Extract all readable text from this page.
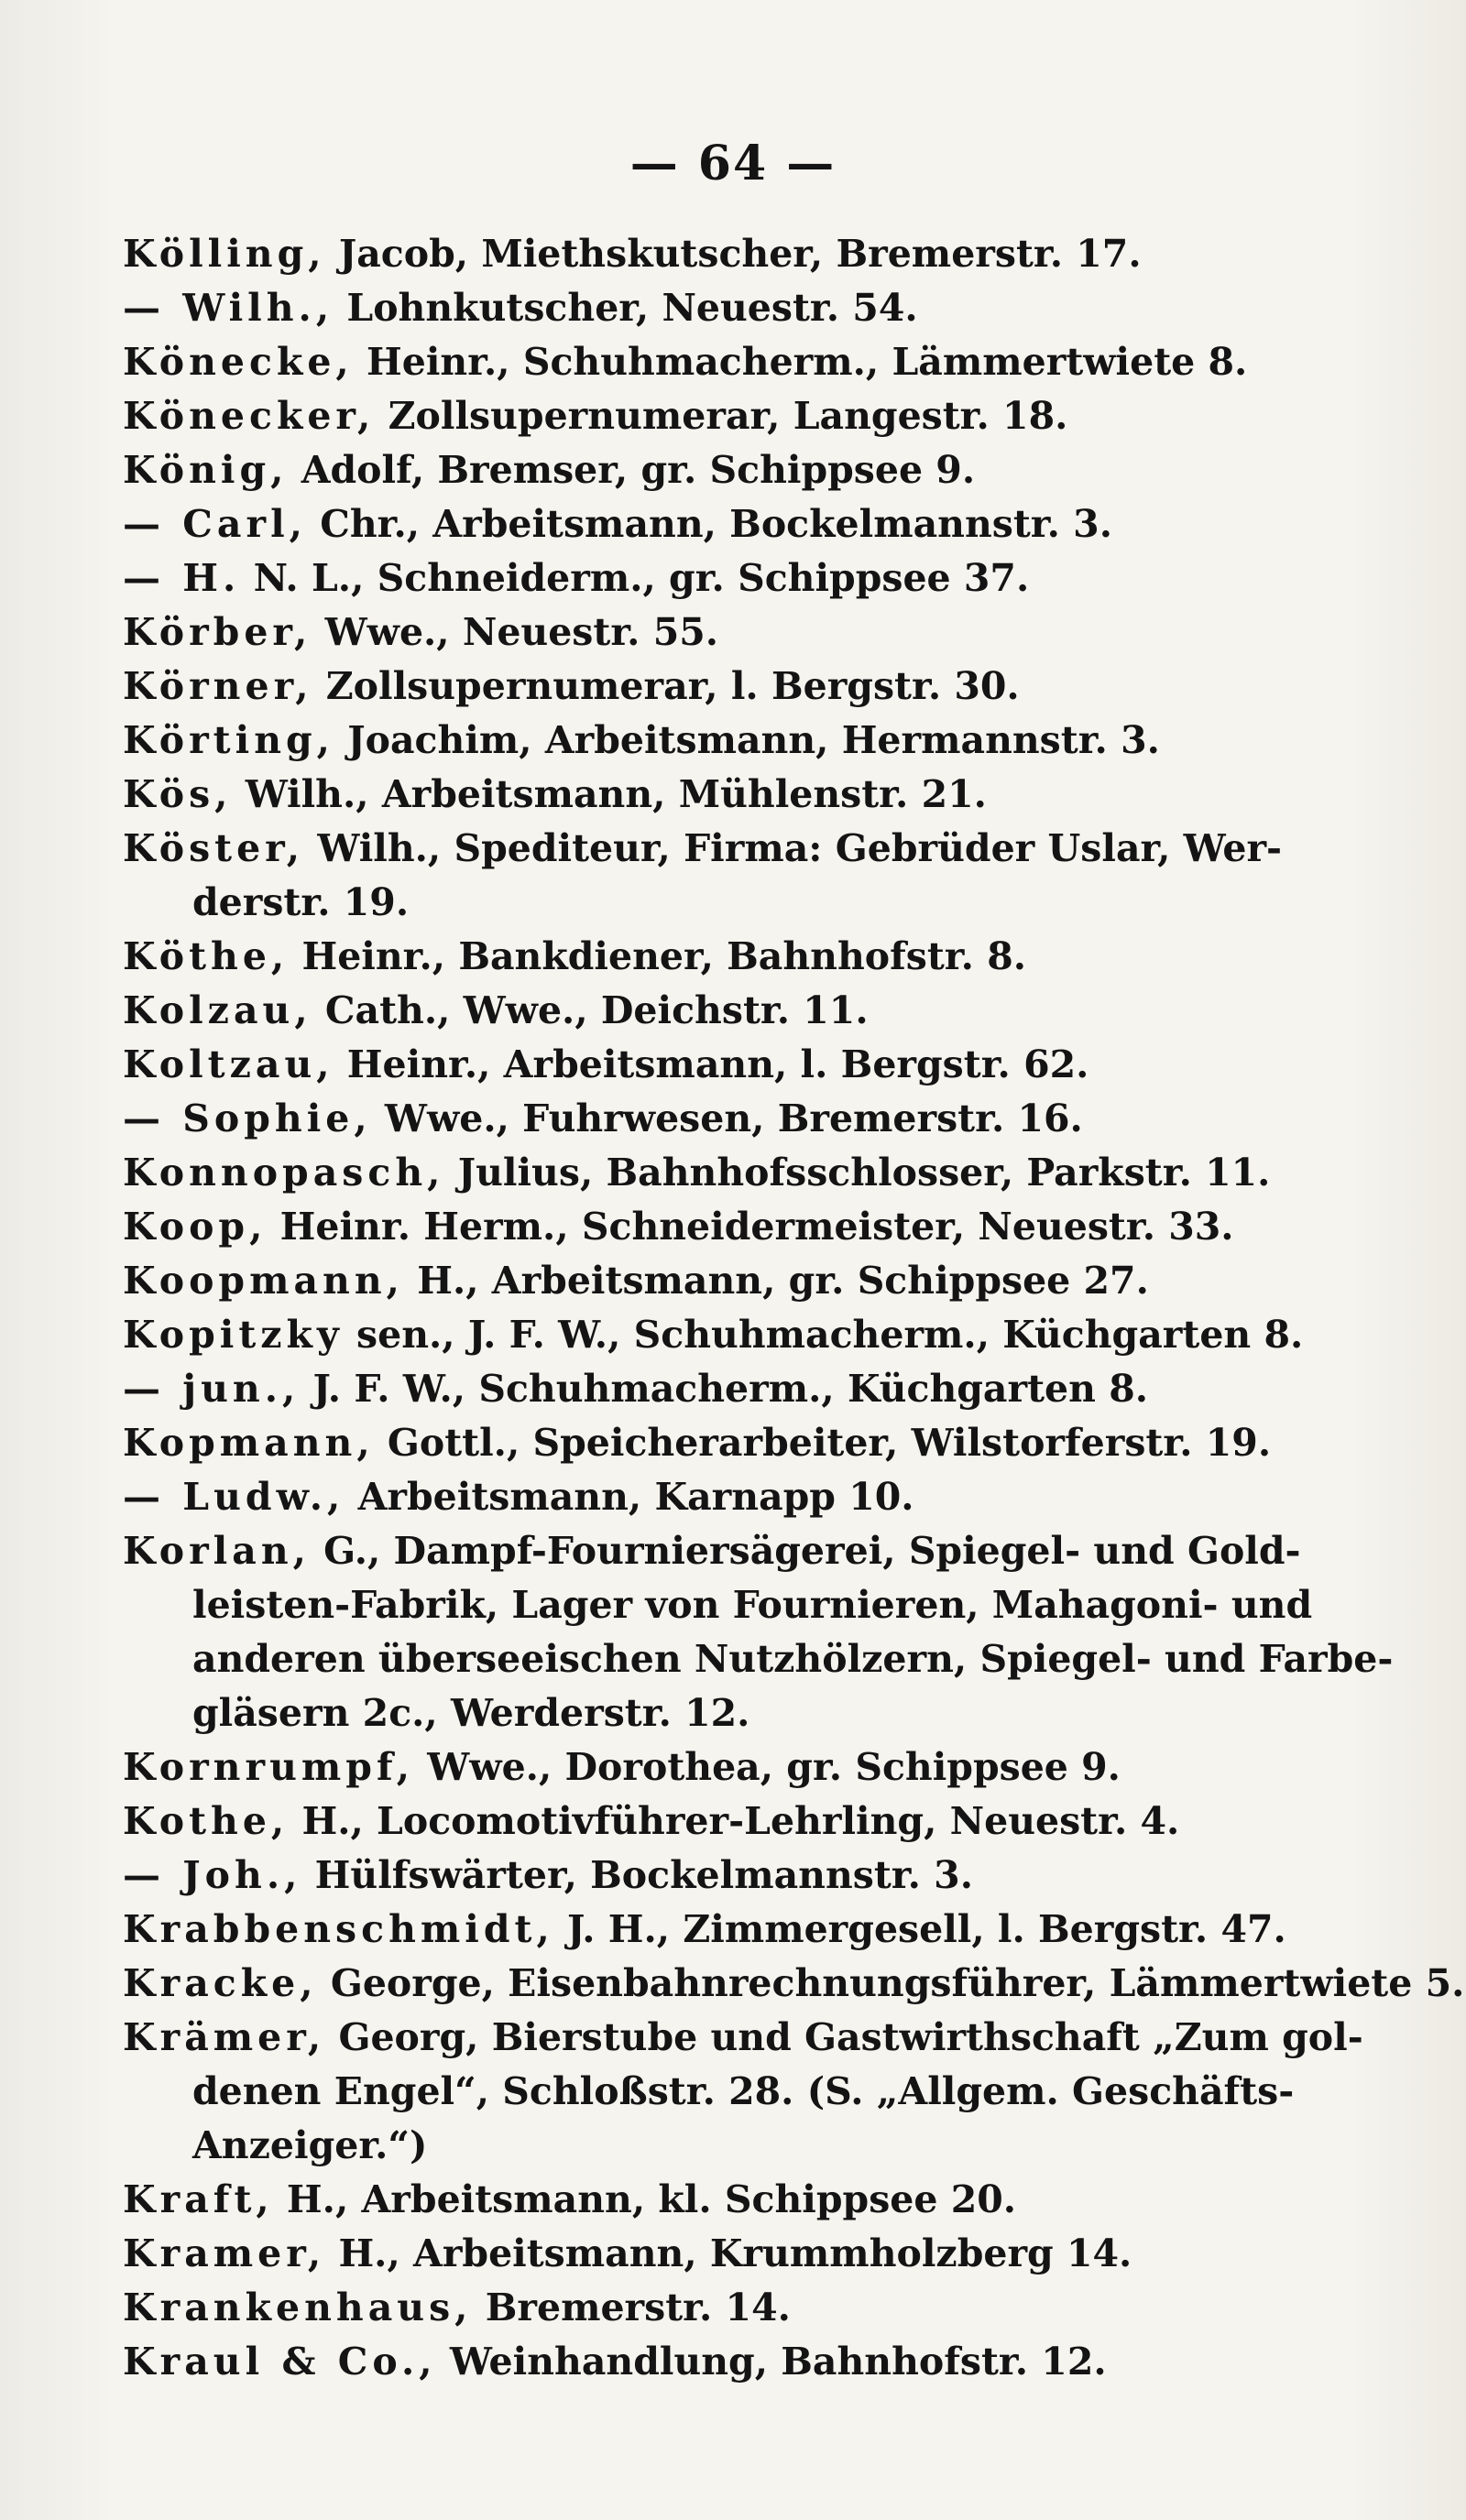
— 64 —
Kölling, Jacob, Miethskutscher, Bremerstr. 17.
— Wilh., Lohnkutscher, Neuestr. 54.
Könecke, Heinr., Schuhmacherm., Lämmertwiete 8.
Könecker, Zollsupernumerar, Langestr. 18.
König, Adolf, Bremser, gr. Schippsee 9.
— Carl, Chr., Arbeitsmann, Bockelmannstr. 3.
— H. N. L., Schneiderm., gr. Schippsee 37.
Körber, Wwe., Neuestr. 55.
Körner, Zollsupernumerar, l. Bergstr. 30.
Körting, Joachim, Arbeitsmann, Hermannstr. 3.
Kös, Wilh., Arbeitsmann, Mühlenstr. 21.
Köster, Wilh., Spediteur, Firma: Gebrüder Uslar, Wer-
derstr. 19.
Köthe, Heinr., Bankdiener, Bahnhofstr. 8.
Kolzau, Cath., Wwe., Deichstr. 11.
Koltzau, Heinr., Arbeitsmann, l. Bergstr. 62.
— Sophie, Wwe., Fuhrwesen, Bremerstr. 16.
Konnopasch, Julius, Bahnhofsschlosser, Parkstr. 11.
Koop, Heinr. Herm., Schneidermeister, Neuestr. 33.
Koopmann, H., Arbeitsmann, gr. Schippsee 27.
Kopitzky sen., J. F. W., Schuhmacherm., Küchgarten 8.
— jun., J. F. W., Schuhmacherm., Küchgarten 8.
Kopmann, Gottl., Speicherarbeiter, Wilstorferstr. 19.
— Ludw., Arbeitsmann, Karnapp 10.
Korlan, G., Dampf-Fourniersägerei, Spiegel- und Gold-
leisten-Fabrik, Lager von Fournieren, Mahagoni- und
anderen überseeischen Nutzhölzern, Spiegel- und Farbe-
gläsern 2c., Werderstr. 12.
Kornrumpf, Wwe., Dorothea, gr. Schippsee 9.
Kothe, H., Locomotivführer-Lehrling, Neuestr. 4.
— Joh., Hülfswärter, Bockelmannstr. 3.
Krabbenschmidt, J. H., Zimmergesell, l. Bergstr. 47.
Kracke, George, Eisenbahnrechnungsführer, Lämmertwiete 5.
Krämer, Georg, Bierstube und Gastwirthschaft „Zum gol-
denen Engel“, Schloßstr. 28. (S. „Allgem. Geschäfts-
Anzeiger.“)
Kraft, H., Arbeitsmann, kl. Schippsee 20.
Kramer, H., Arbeitsmann, Krummholzberg 14.
Krankenhaus, Bremerstr. 14.
Kraul & Co., Weinhandlung, Bahnhofstr. 12.
